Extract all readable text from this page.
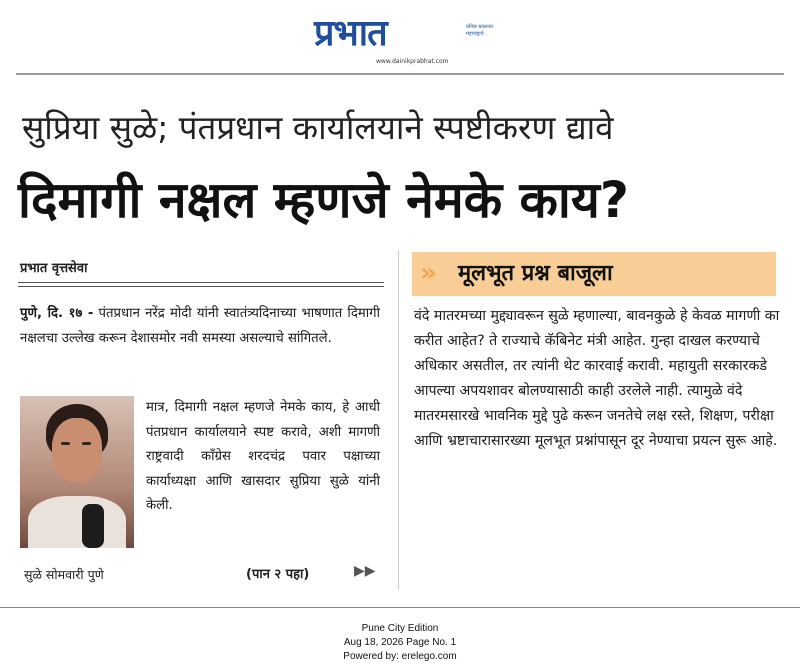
प्रभात	प्रतिक बदलत्या महाराष्ट्राचे
www.dainikprabhat.com
सुप्रिया सुळे; पंतप्रधान कार्यालयाने स्पष्टीकरण द्यावे
दिमागी नक्षल म्हणजे नेमके काय?
प्रभात वृत्तसेवा
पुणे, दि. १७ - पंतप्रधान नरेंद्र मोदी यांनी स्वातंत्र्यदिनाच्या भाषणात दिमागी नक्षलचा उल्लेख करून देशासमोर नवी समस्या असल्याचे सांगितले.
मात्र, दिमागी नक्षल म्हणजे नेमके काय, हे आधी पंतप्रधान कार्यालयाने स्पष्ट करावे, अशी मागणी राष्ट्रवादी काँग्रेस शरदचंद्र पवार पक्षाच्या कार्याध्यक्षा आणि खासदार सुप्रिया सुळे यांनी केली.
सुळे सोमवारी पुणे	(पान २ पहा)	▶▶
» मूलभूत प्रश्न बाजूला
वंदे मातरमच्या मुद्द्यावरून सुळे म्हणाल्या, बावनकुळे हे केवळ मागणी का करीत आहेत? ते राज्याचे कॅबिनेट मंत्री आहेत. गुन्हा दाखल करण्याचे अधिकार असतील, तर त्यांनी थेट कारवाई करावी. महायुती सरकारकडे आपल्या अपयशावर बोलण्यासाठी काही उरलेले नाही. त्यामुळे वंदे मातरमसारखे भावनिक मुद्दे पुढे करून जनतेचे लक्ष रस्ते, शिक्षण, परीक्षा आणि भ्रष्टाचारासारख्या मूलभूत प्रश्नांपासून दूर नेण्याचा प्रयत्न सुरू आहे.
Pune City Edition
Aug 18, 2026 Page No. 1
Powered by: erelego.com
